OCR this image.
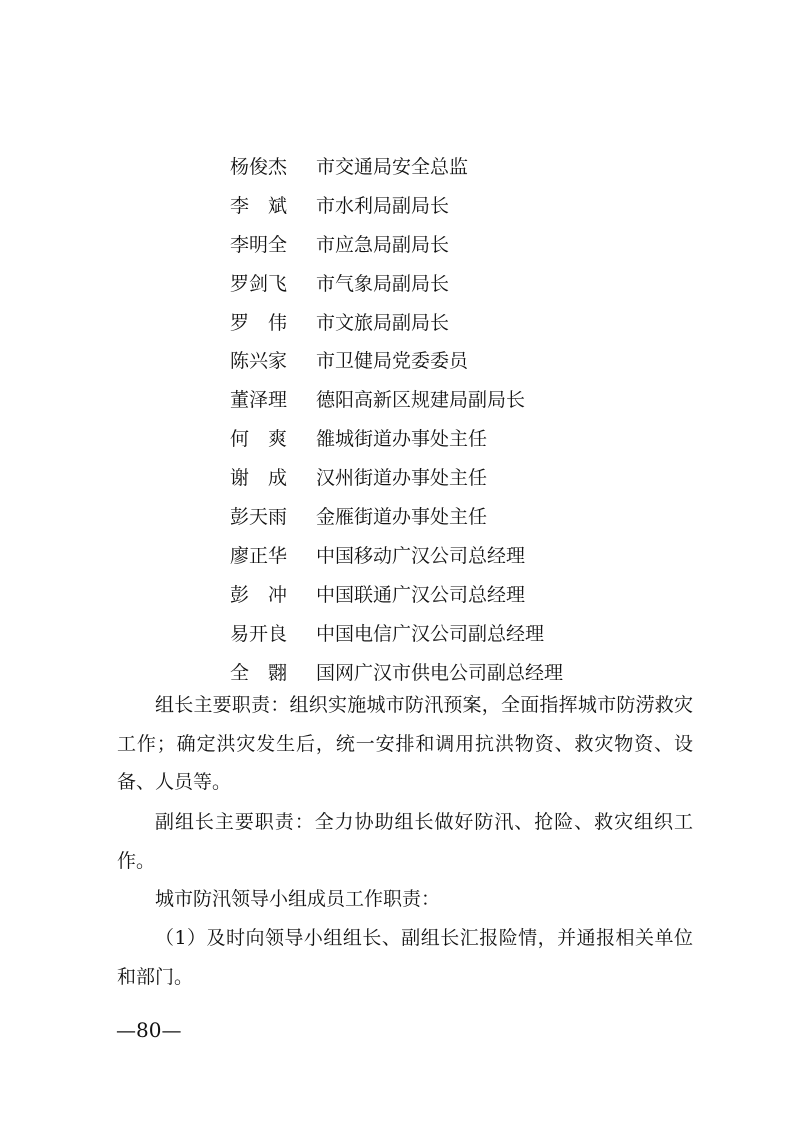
杨俊杰	市交通局安全总监
李　斌	市水利局副局长
李明全	市应急局副局长
罗剑飞	市气象局副局长
罗　伟	市文旅局副局长
陈兴家	市卫健局党委委员
董泽理	德阳高新区规建局副局长
何　爽	雒城街道办事处主任
谢　成	汉州街道办事处主任
彭天雨	金雁街道办事处主任
廖正华	中国移动广汉公司总经理
彭　冲	中国联通广汉公司总经理
易开良	中国电信广汉公司副总经理
全　翾	国网广汉市供电公司副总经理

组长主要职责：组织实施城市防汛预案，全面指挥城市防涝救灾工作；确定洪灾发生后，统一安排和调用抗洪物资、救灾物资、设备、人员等。

副组长主要职责：全力协助组长做好防汛、抢险、救灾组织工作。

城市防汛领导小组成员工作职责：

（1）及时向领导小组组长、副组长汇报险情，并通报相关单位和部门。

—80—
